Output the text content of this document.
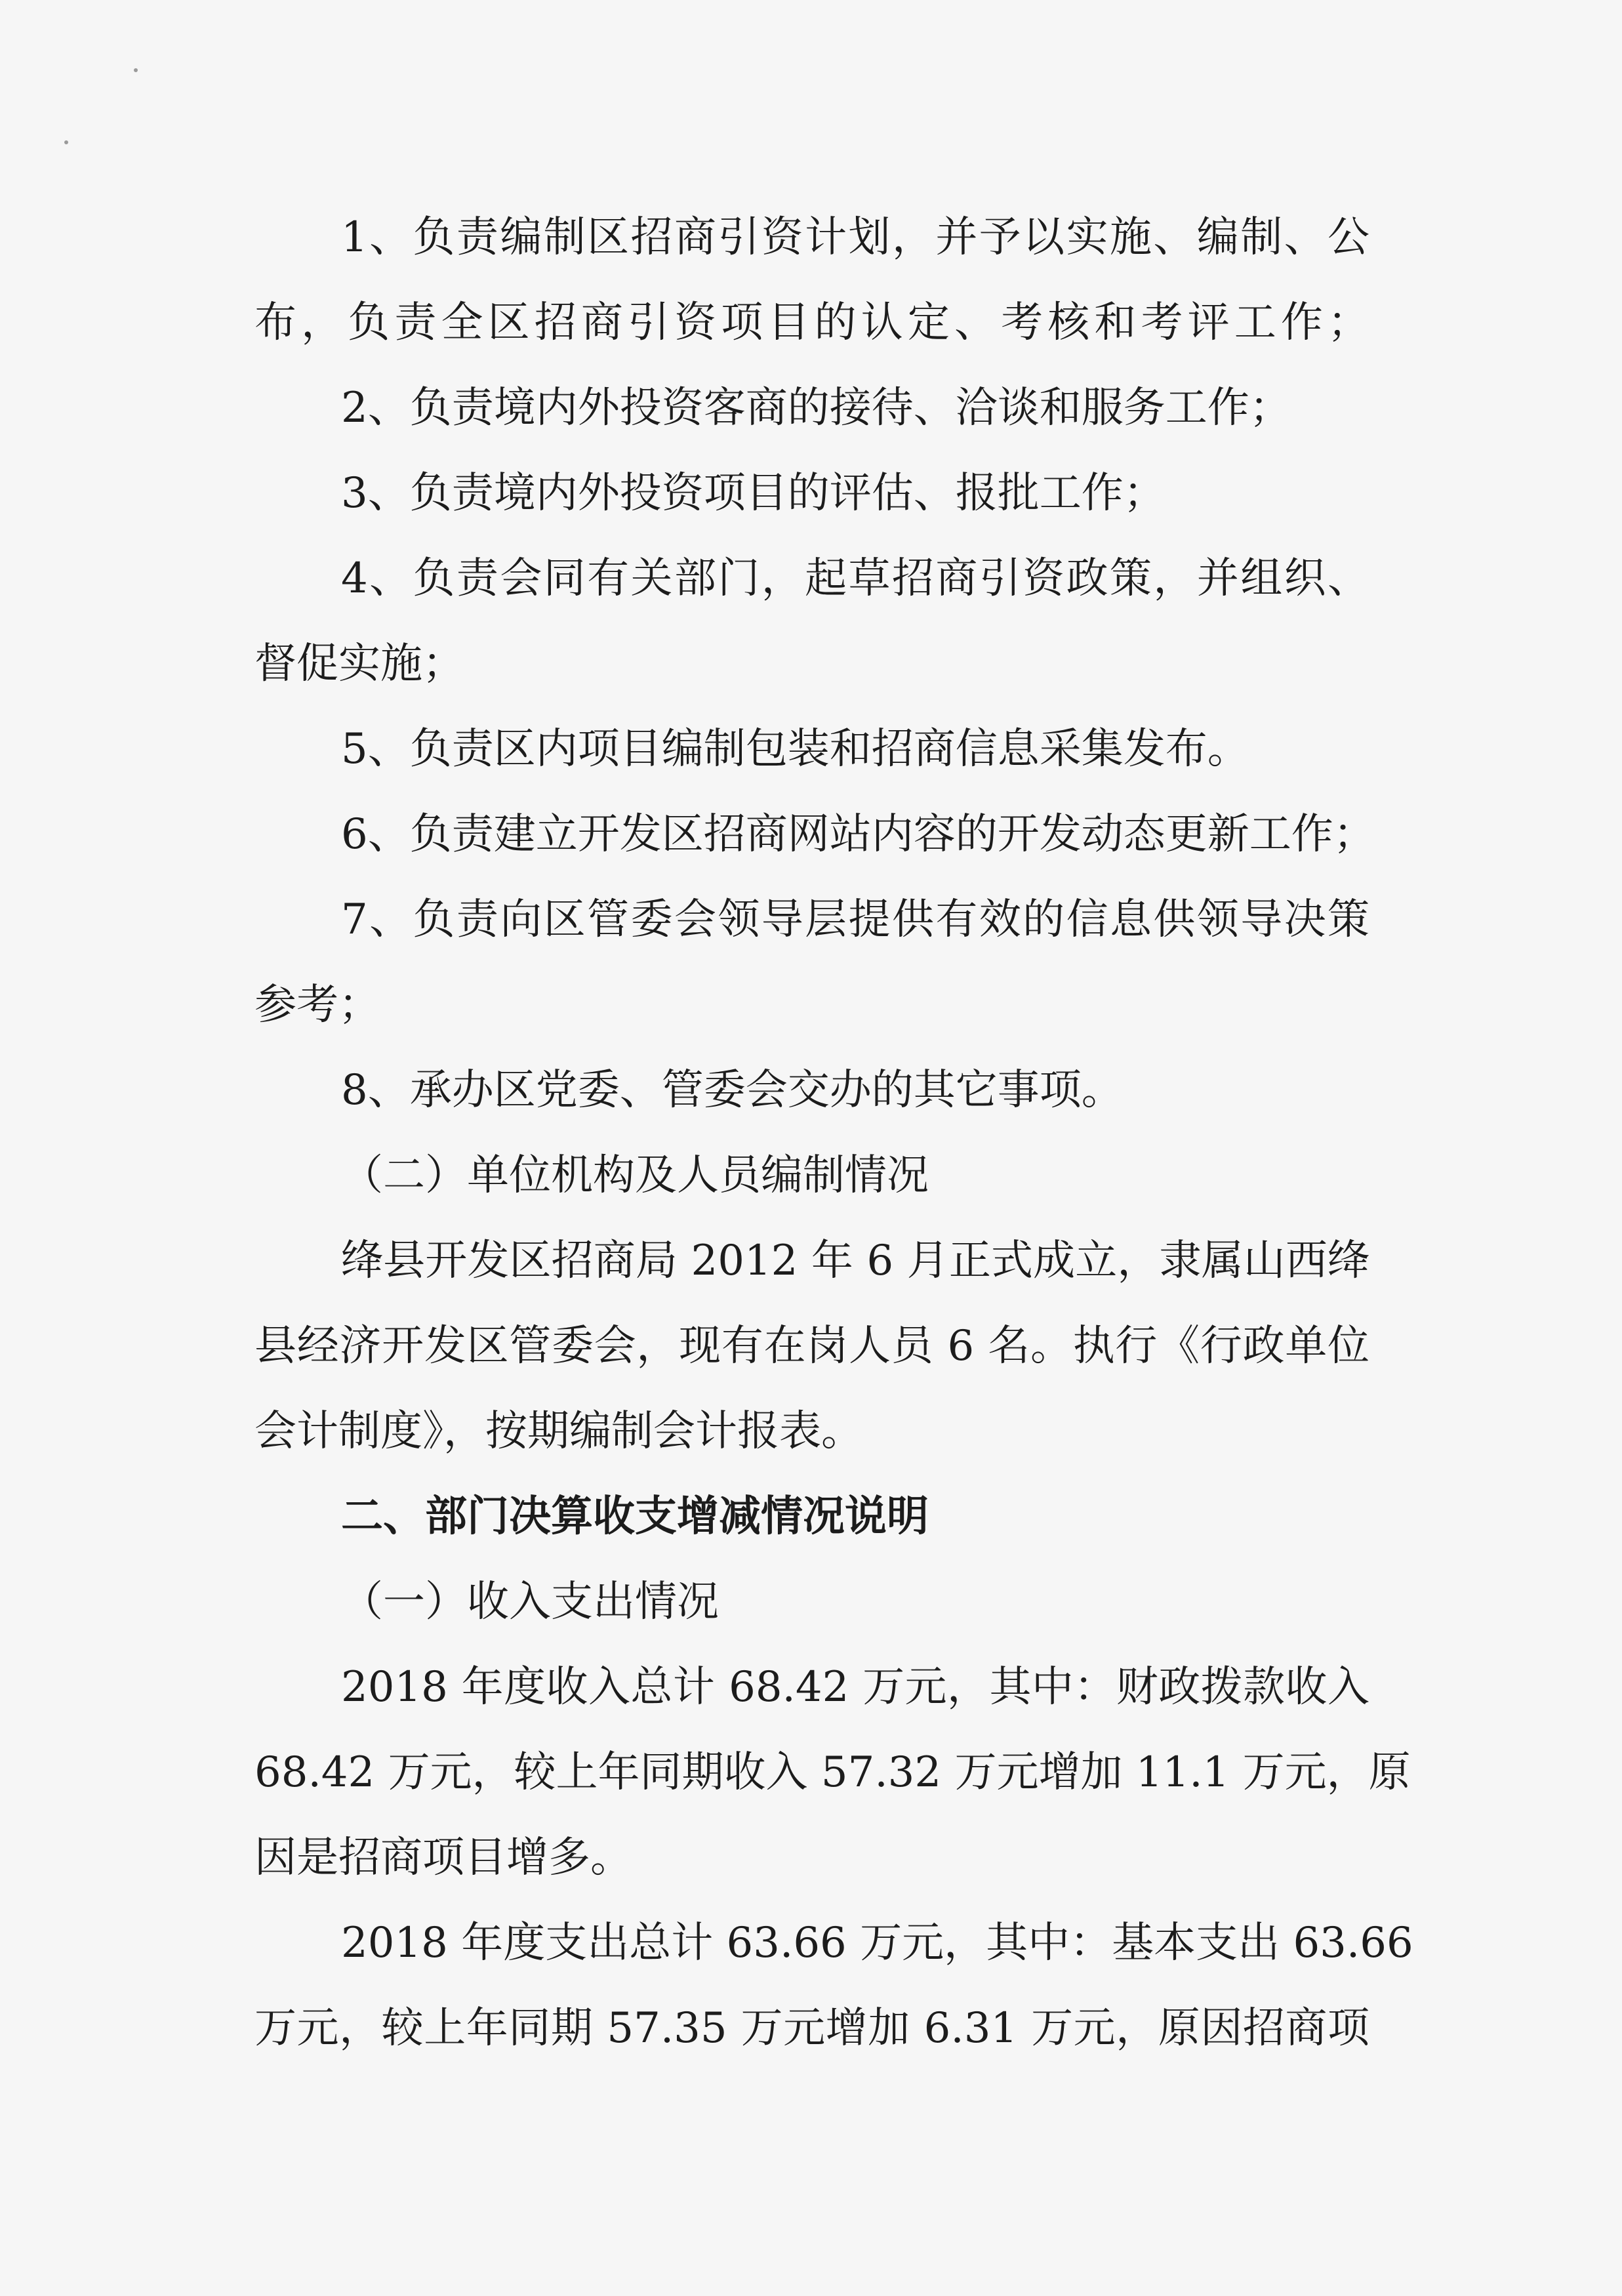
1、负责编制区招商引资计划，并予以实施、编制、公
布，负责全区招商引资项目的认定、考核和考评工作；
2、负责境内外投资客商的接待、洽谈和服务工作；
3、负责境内外投资项目的评估、报批工作；
4、负责会同有关部门，起草招商引资政策，并组织、
督促实施；
5、负责区内项目编制包装和招商信息采集发布。
6、负责建立开发区招商网站内容的开发动态更新工作；
7、负责向区管委会领导层提供有效的信息供领导决策
参考；
8、承办区党委、管委会交办的其它事项。
（二）单位机构及人员编制情况
绛县开发区招商局 2012 年 6 月正式成立，隶属山西绛
县经济开发区管委会，现有在岗人员 6 名。执行《行政单位
会计制度》，按期编制会计报表。
二、部门决算收支增减情况说明
（一）收入支出情况
2018 年度收入总计 68.42 万元，其中：财政拨款收入
68.42 万元，较上年同期收入 57.32 万元增加 11.1 万元，原
因是招商项目增多。
2018 年度支出总计 63.66 万元，其中：基本支出 63.66
万元，较上年同期 57.35 万元增加 6.31 万元，原因招商项
